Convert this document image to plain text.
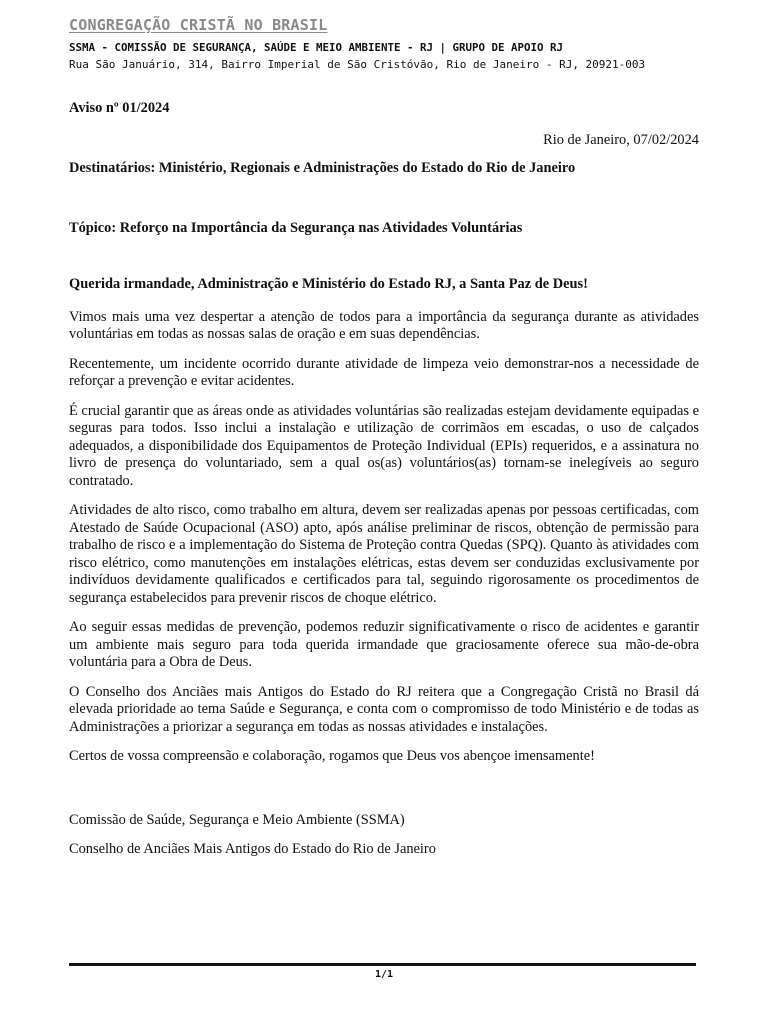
CONGREGAÇÃO CRISTÃ NO BRASIL
SSMA - COMISSÃO DE SEGURANÇA, SAÚDE E MEIO AMBIENTE - RJ | GRUPO DE APOIO RJ
Rua São Januário, 314, Bairro Imperial de São Cristóvão, Rio de Janeiro - RJ, 20921-003
Aviso nº 01/2024
Rio de Janeiro, 07/02/2024
Destinatários: Ministério, Regionais e Administrações do Estado do Rio de Janeiro
Tópico: Reforço na Importância da Segurança nas Atividades Voluntárias
Querida irmandade, Administração e Ministério do Estado RJ, a Santa Paz de Deus!
Vimos mais uma vez despertar a atenção de todos para a importância da segurança durante as atividades voluntárias em todas as nossas salas de oração e em suas dependências.
Recentemente, um incidente ocorrido durante atividade de limpeza veio demonstrar-nos a necessidade de reforçar a prevenção e evitar acidentes.
É crucial garantir que as áreas onde as atividades voluntárias são realizadas estejam devidamente equipadas e seguras para todos. Isso inclui a instalação e utilização de corrimãos em escadas, o uso de calçados adequados, a disponibilidade dos Equipamentos de Proteção Individual (EPIs) requeridos, e a assinatura no livro de presença do voluntariado, sem a qual os(as) voluntários(as) tornam-se inelegíveis ao seguro contratado.
Atividades de alto risco, como trabalho em altura, devem ser realizadas apenas por pessoas certificadas, com Atestado de Saúde Ocupacional (ASO) apto, após análise preliminar de riscos, obtenção de permissão para trabalho de risco e a implementação do Sistema de Proteção contra Quedas (SPQ). Quanto às atividades com risco elétrico, como manutenções em instalações elétricas, estas devem ser conduzidas exclusivamente por indivíduos devidamente qualificados e certificados para tal, seguindo rigorosamente os procedimentos de segurança estabelecidos para prevenir riscos de choque elétrico.
Ao seguir essas medidas de prevenção, podemos reduzir significativamente o risco de acidentes e garantir um ambiente mais seguro para toda querida irmandade que graciosamente oferece sua mão-de-obra voluntária para a Obra de Deus.
O Conselho dos Anciães mais Antigos do Estado do RJ reitera que a Congregação Cristã no Brasil dá elevada prioridade ao tema Saúde e Segurança, e conta com o compromisso de todo Ministério e de todas as Administrações a priorizar a segurança em todas as nossas atividades e instalações.
Certos de vossa compreensão e colaboração, rogamos que Deus vos abençoe imensamente!
Comissão de Saúde, Segurança e Meio Ambiente (SSMA)
Conselho de Anciães Mais Antigos do Estado do Rio de Janeiro
1/1
